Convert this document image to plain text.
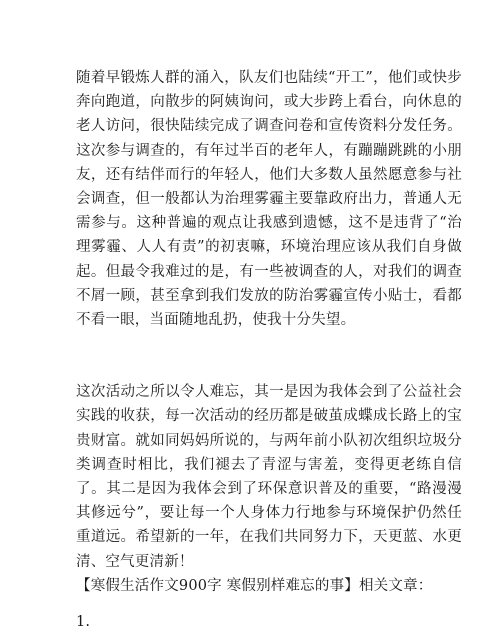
随着早锻炼人群的涌入，队友们也陆续“开工”，他们或快步奔向跑道，向散步的阿姨询问，或大步跨上看台，向休息的老人访问，很快陆续完成了调查问卷和宣传资料分发任务。这次参与调查的，有年过半百的老年人，有蹦蹦跳跳的小朋友，还有结伴而行的年轻人，他们大多数人虽然愿意参与社会调查，但一般都认为治理雾霾主要靠政府出力，普通人无需参与。这种普遍的观点让我感到遗憾，这不是违背了“治理雾霾、人人有责”的初衷嘛，环境治理应该从我们自身做起。但最令我难过的是，有一些被调查的人，对我们的调查不屑一顾，甚至拿到我们发放的防治雾霾宣传小贴士，看都不看一眼，当面随地乱扔，使我十分失望。

这次活动之所以令人难忘，其一是因为我体会到了公益社会实践的收获，每一次活动的经历都是破茧成蝶成长路上的宝贵财富。就如同妈妈所说的，与两年前小队初次组织垃圾分类调查时相比，我们褪去了青涩与害羞，变得更老练自信了。其二是因为我体会到了环保意识普及的重要，“路漫漫其修远兮”，要让每一个人身体力行地参与环境保护仍然任重道远。希望新的一年，在我们共同努力下，天更蓝、水更清、空气更清新！

【寒假生活作文900字 寒假别样难忘的事】相关文章：

1.
